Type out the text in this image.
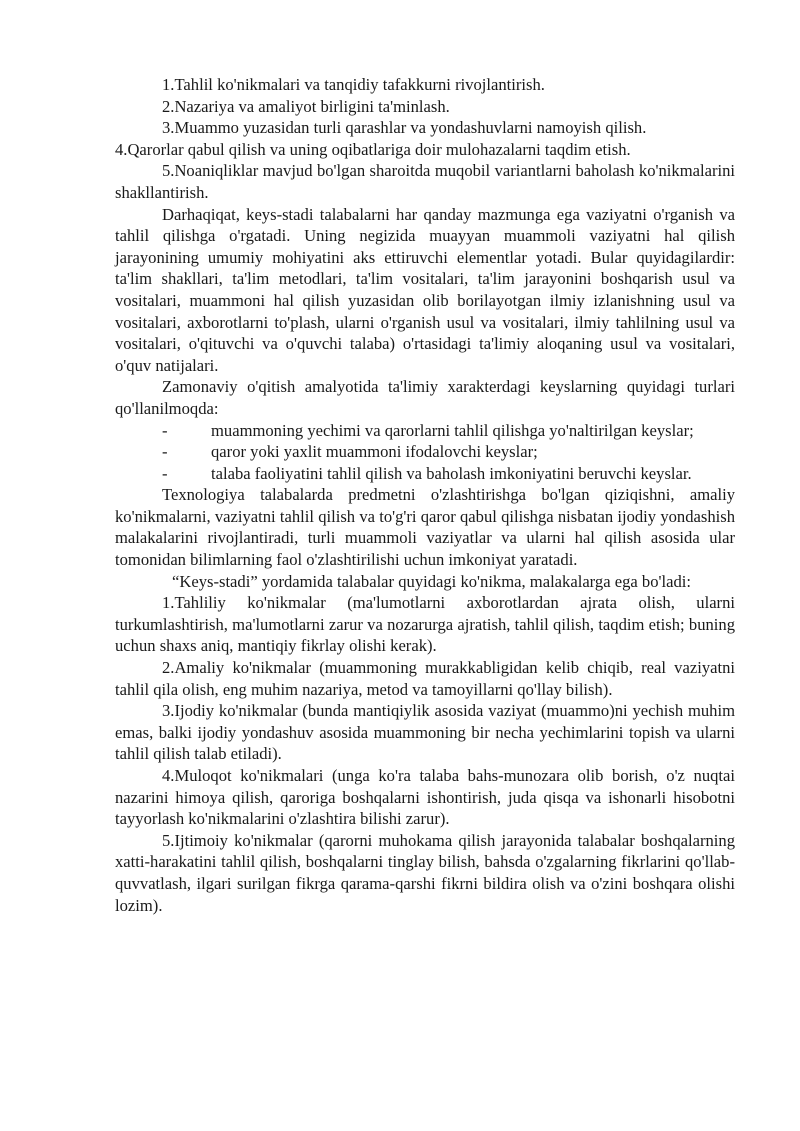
1.Tahlil ko'nikmalari va tanqidiy tafakkurni rivojlantirish.

2.Nazariya va amaliyot birligini ta'minlash.

3.Muammo yuzasidan turli qarashlar va yondashuvlarni namoyish qilish.

4.Qarorlar qabul qilish va uning oqibatlariga doir mulohazalarni taqdim etish.

5.Noaniqliklar mavjud bo'lgan sharoitda muqobil variantlarni baholash ko'nikmalarini shakllantirish.

Darhaqiqat, keys-stadi talabalarni har qanday mazmunga ega vaziyatni o'rganish va tahlil qilishga o'rgatadi. Uning negizida muayyan muammoli vaziyatni hal qilish jarayonining umumiy mohiyatini aks ettiruvchi elementlar yotadi. Bular quyidagilardir: ta'lim shakllari, ta'lim metodlari, ta'lim vositalari, ta'lim jarayonini boshqarish usul va vositalari, muammoni hal qilish yuzasidan olib borilayotgan ilmiy izlanishning usul va vositalari, axborotlarni to'plash, ularni o'rganish usul va vositalari, ilmiy tahlilning usul va vositalari, o'qituvchi va o'quvchi talaba) o'rtasidagi ta'limiy aloqaning usul va vositalari, o'quv natijalari.

Zamonaviy o'qitish amalyotida ta'limiy xarakterdagi keyslarning quyidagi turlari qo'llanilmoqda:

-	muammoning yechimi va qarorlarni tahlil qilishga yo'naltirilgan keyslar;

-	qaror yoki yaxlit muammoni ifodalovchi keyslar;

-	talaba faoliyatini tahlil qilish va baholash imkoniyatini beruvchi keyslar.

Texnologiya talabalarda predmetni o'zlashtirishga bo'lgan qiziqishni, amaliy ko'nikmalarni, vaziyatni tahlil qilish va to'g'ri qaror qabul qilishga nisbatan ijodiy yondashish malakalarini rivojlantiradi, turli muammoli vaziyatlar va ularni hal qilish asosida ular tomonidan bilimlarning faol o'zlashtirilishi uchun imkoniyat yaratadi.

“Keys-stadi” yordamida talabalar quyidagi ko'nikma, malakalarga ega bo'ladi:

1.Tahliliy ko'nikmalar (ma'lumotlarni axborotlardan ajrata olish, ularni turkumlashtirish, ma'lumotlarni zarur va nozarurga ajratish, tahlil qilish, taqdim etish; buning uchun shaxs aniq, mantiqiy fikrlay olishi kerak).

2.Amaliy ko'nikmalar (muammoning murakkabligidan kelib chiqib, real vaziyatni tahlil qila olish, eng muhim nazariya, metod va tamoyillarni qo'llay bilish).

3.Ijodiy ko'nikmalar (bunda mantiqiylik asosida vaziyat (muammo)ni yechish muhim emas, balki ijodiy yondashuv asosida muammoning bir necha yechimlarini topish va ularni tahlil qilish talab etiladi).

4.Muloqot ko'nikmalari (unga ko'ra talaba bahs-munozara olib borish, o'z nuqtai nazarini himoya qilish, qaroriga boshqalarni ishontirish, juda qisqa va ishonarli hisobotni tayyorlash ko'nikmalarini o'zlashtira bilishi zarur).

5.Ijtimoiy ko'nikmalar (qarorni muhokama qilish jarayonida talabalar boshqalarning xatti-harakatini tahlil qilish, boshqalarni tinglay bilish, bahsda o'zgalarning fikrlarini qo'llab-quvvatlash, ilgari surilgan fikrga qarama-qarshi fikrni bildira olish va o'zini boshqara olishi lozim).
